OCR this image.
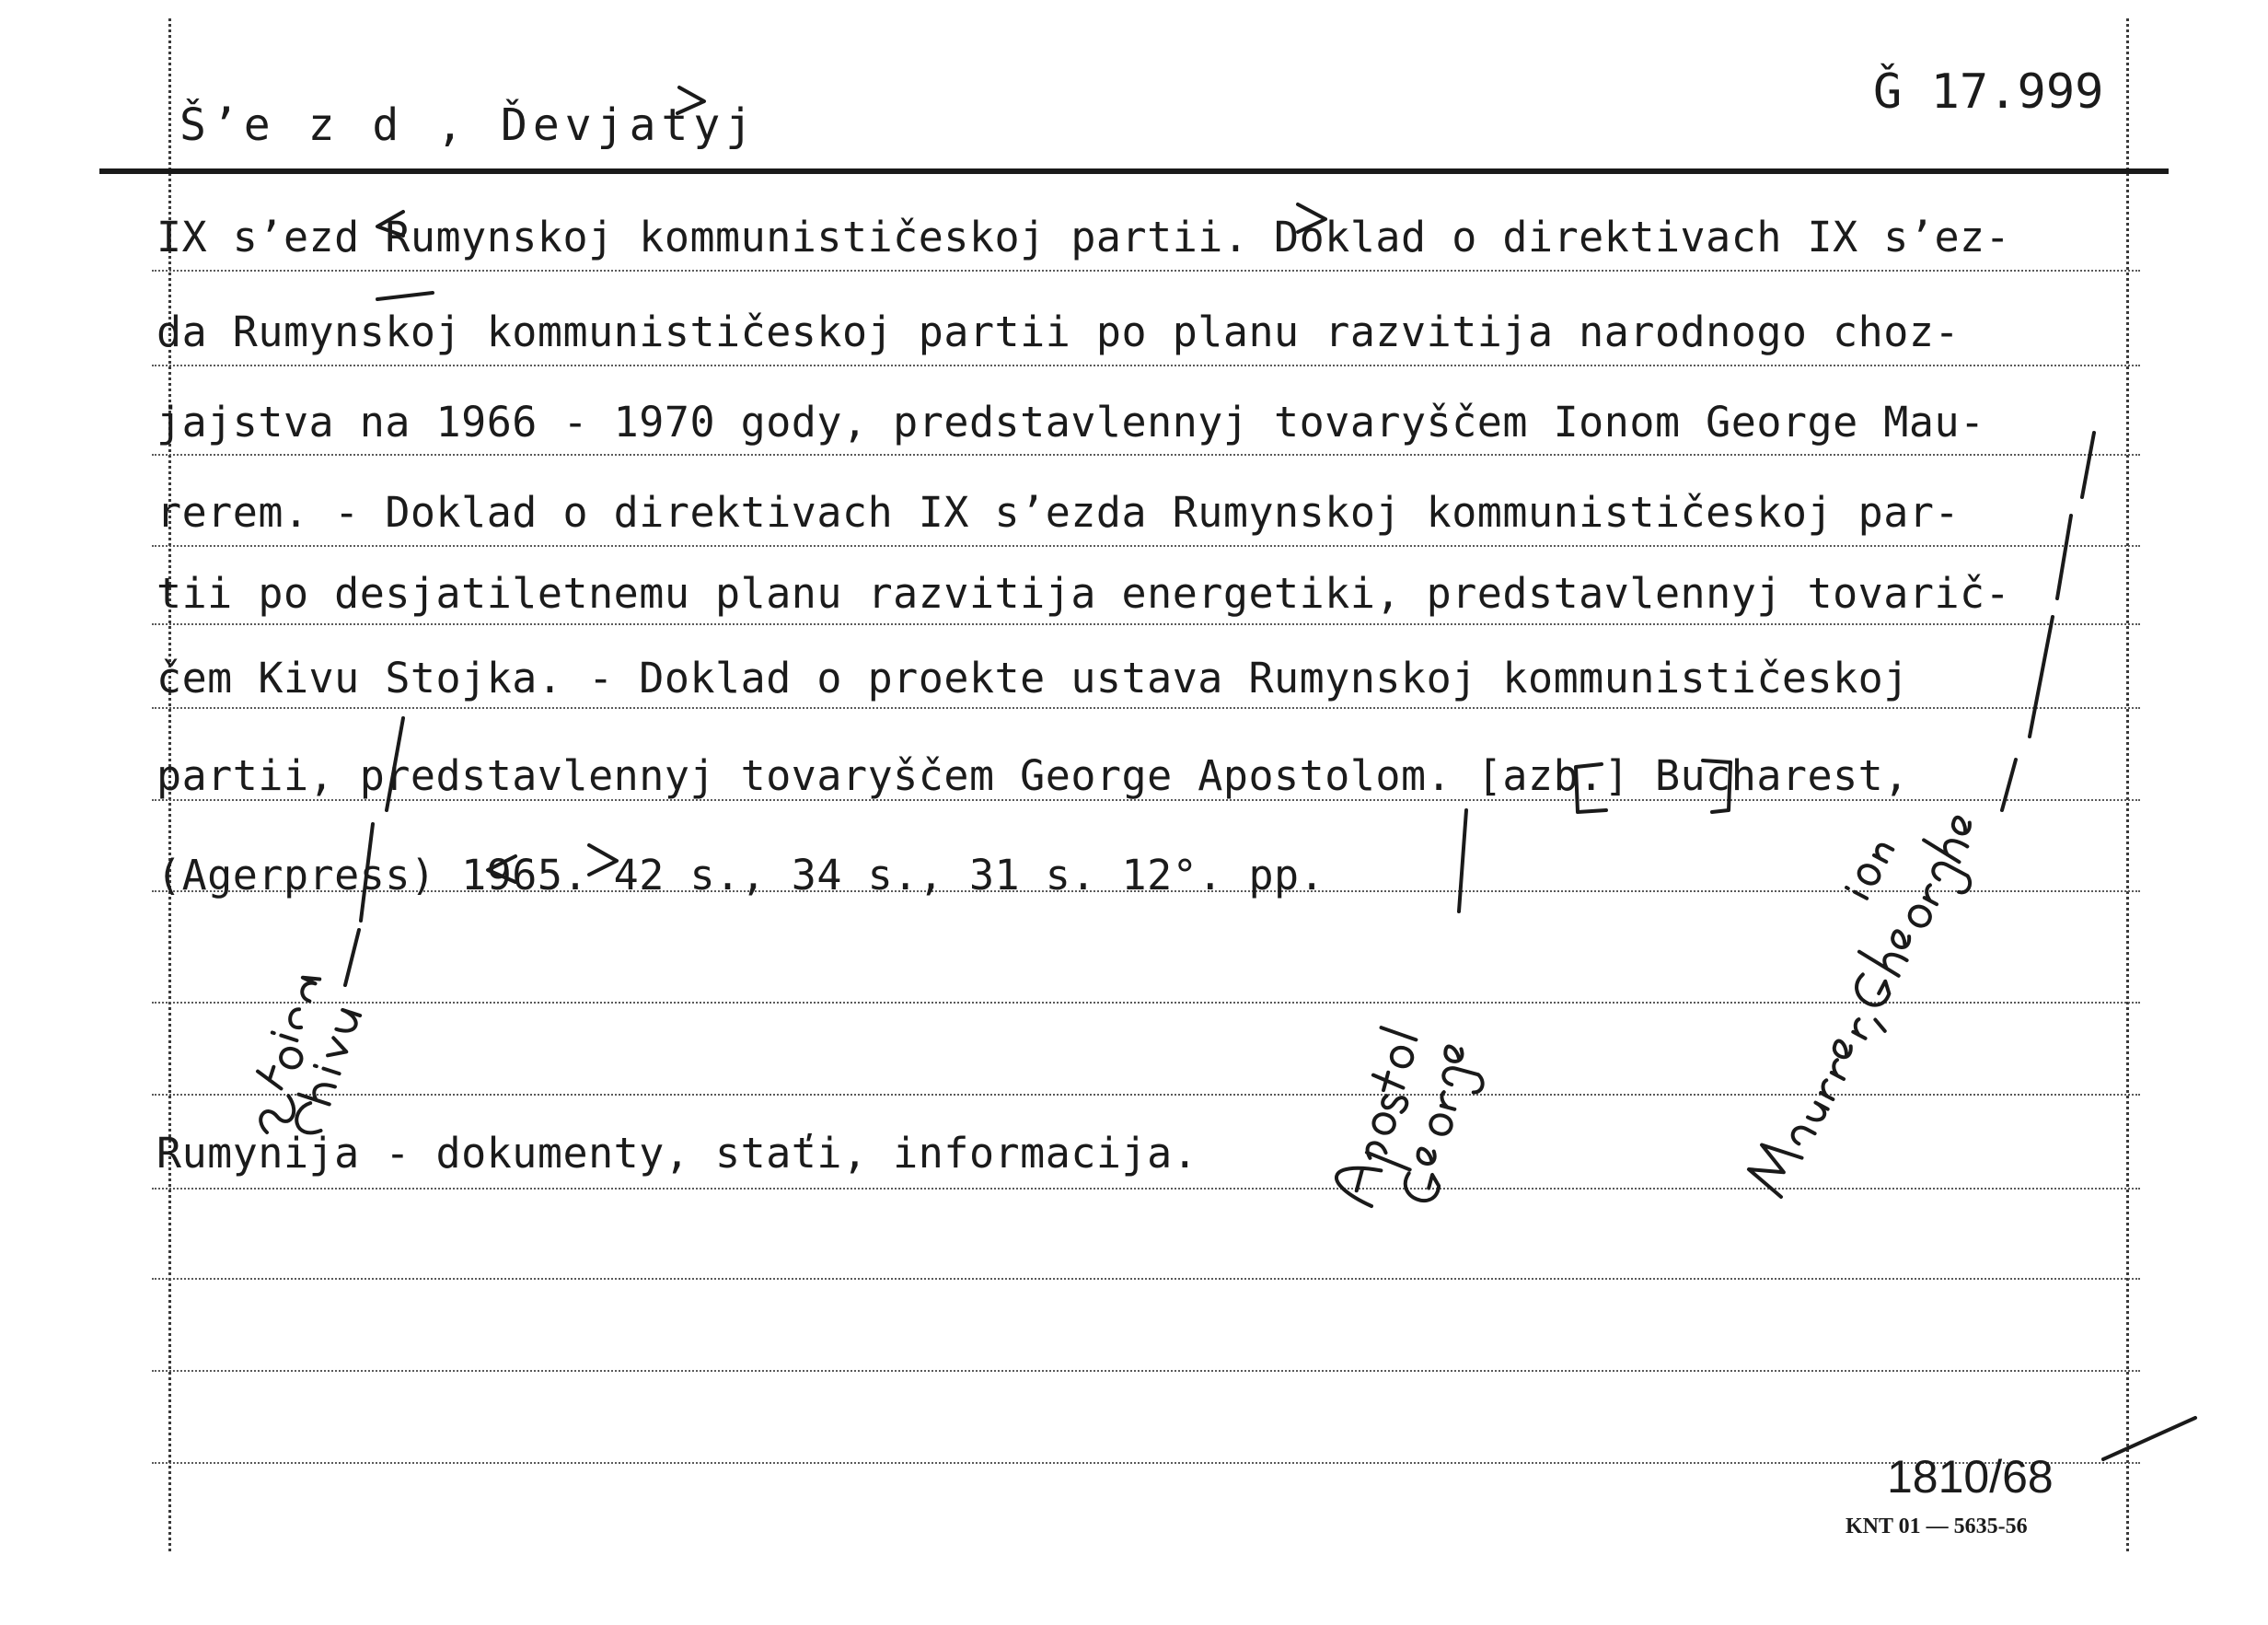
Š’e z d , Ďevjatyj
Ǧ 17.999
IX s’ezd Rumynskoj kommunističeskoj partii. Doklad o direktivach IX s’ez-
da Rumynskoj kommunističeskoj partii po planu razvitija narodnogo choz-
jajstva na 1966 - 1970 gody, predstavlennyj tovaryščem Ionom George Mau-
rerem. - Doklad o direktivach IX s’ezda Rumynskoj kommunističeskoj par-
tii po desjatiletnemu planu razvitija energetiki, predstavlennyj tovarič-
čem Kivu Stojka. - Doklad o proekte ustava Rumynskoj kommunističeskoj
partii, predstavlennyj tovaryščem George Apostolom. [azb.] Bucharest,
(Agerpress) 1965. 42 s., 34 s., 31 s. 12°. pp.
Rumynija - dokumenty, staťi, informacija.
1810/68
KNT 01 — 5635-56
